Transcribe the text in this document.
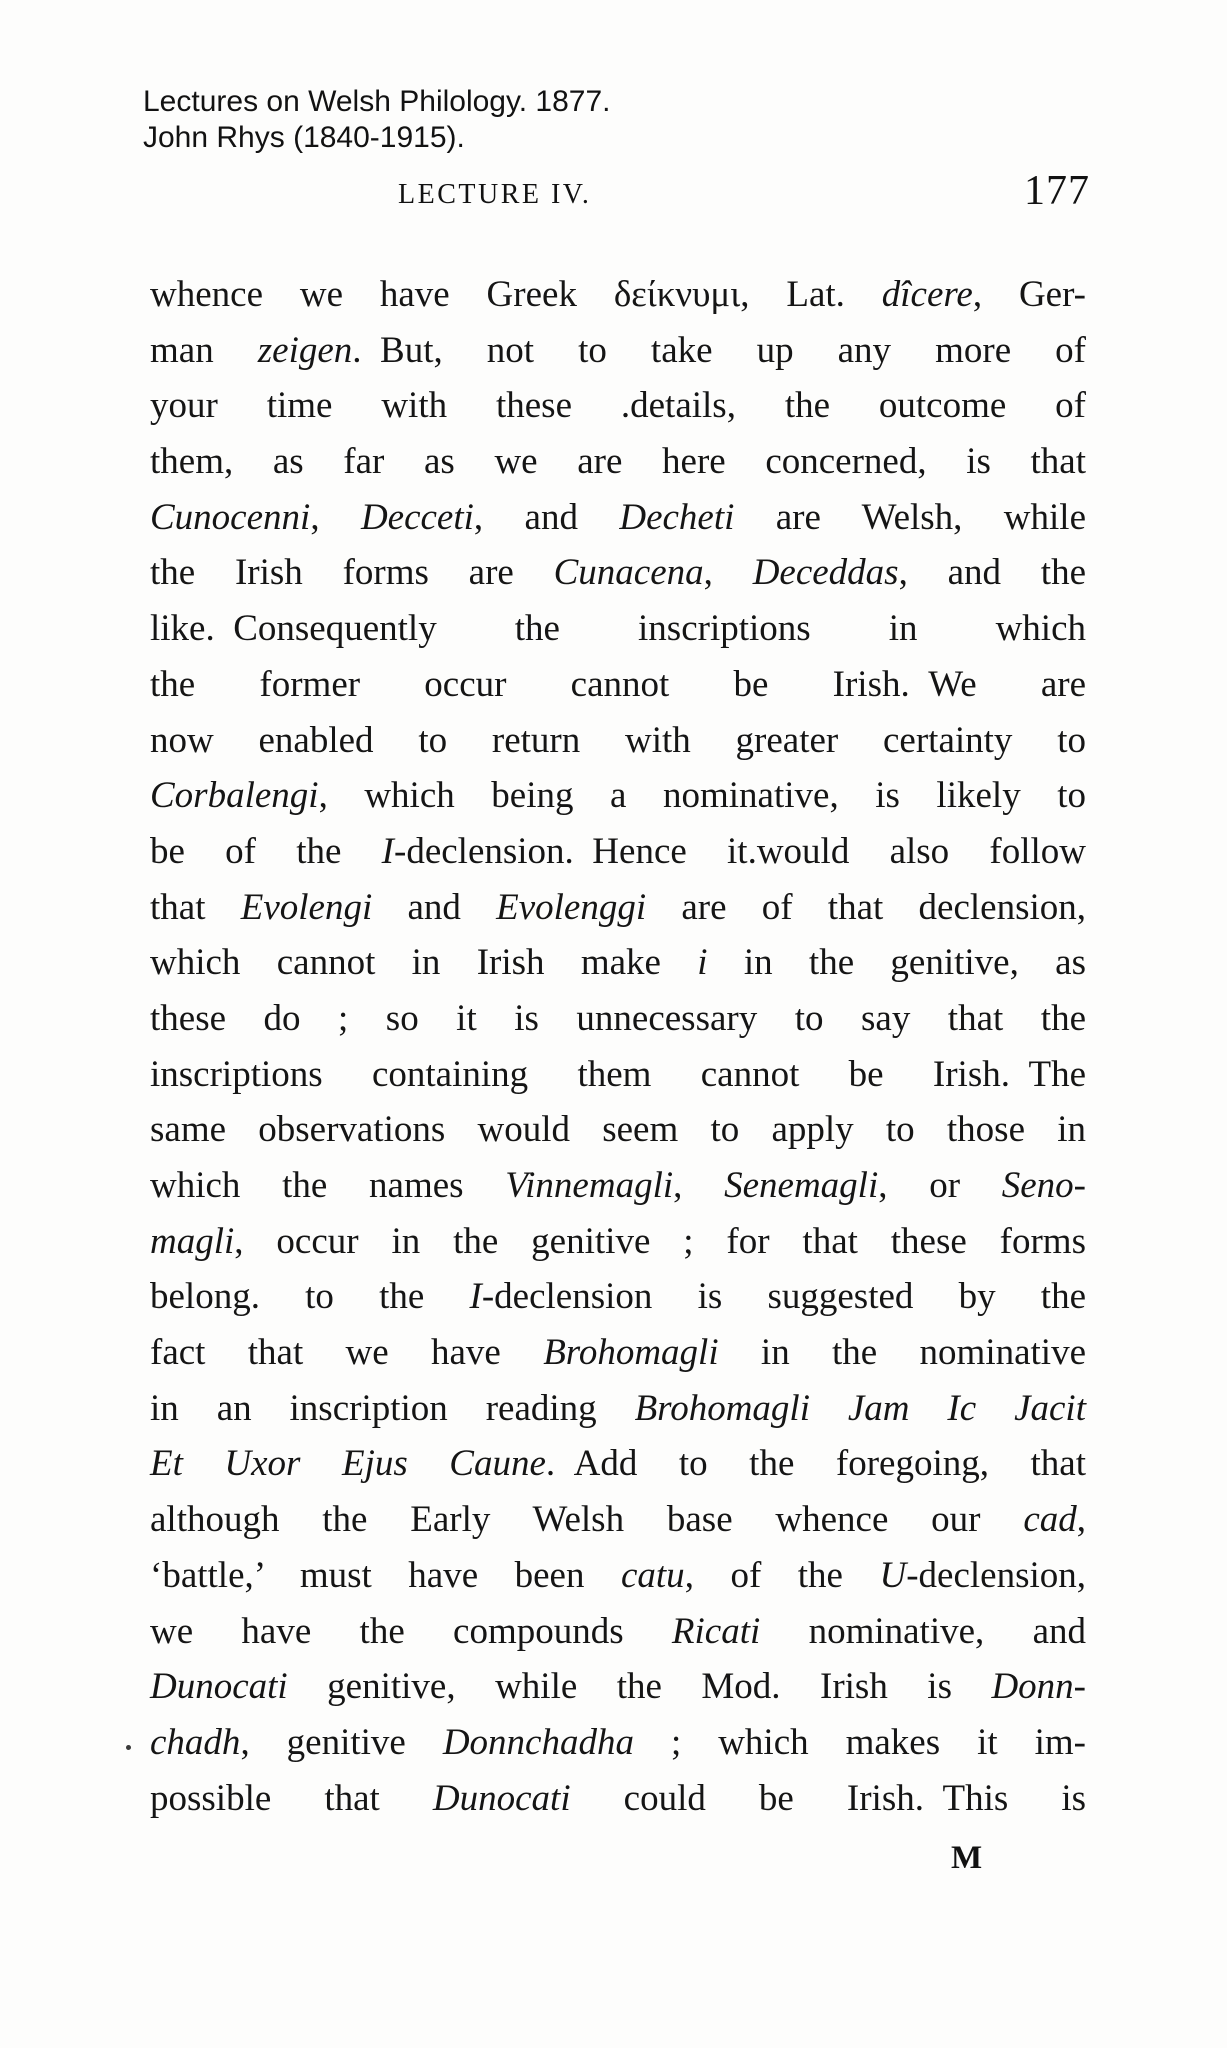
Lectures on Welsh Philology. 1877.
John Rhys (1840-1915).
LECTURE IV.	177
whence we have Greek δείκνυμι, Lat. dîcere, Ger-
man zeigen. But, not to take up any more of
your time with these .details, the outcome of
them, as far as we are here concerned, is that
Cunocenni, Decceti, and Decheti are Welsh, while
the Irish forms are Cunacena, Deceddas, and the
like. Consequently the inscriptions in which
the former occur cannot be Irish. We are
now enabled to return with greater certainty to
Corbalengi, which being a nominative, is likely to
be of the I-declension. Hence it.would also follow
that Evolengi and Evolenggi are of that declension,
which cannot in Irish make i in the genitive, as
these do ; so it is unnecessary to say that the
inscriptions containing them cannot be Irish. The
same observations would seem to apply to those in
which the names Vinnemagli, Senemagli, or Seno-
magli, occur in the genitive ; for that these forms
belong. to the I-declension is suggested by the
fact that we have Brohomagli in the nominative
in an inscription reading Brohomagli Jam Ic Jacit
Et Uxor Ejus Caune. Add to the foregoing, that
although the Early Welsh base whence our cad,
‘battle,’ must have been catu, of the U-declension,
we have the compounds Ricati nominative, and
Dunocati genitive, while the Mod. Irish is Donn-
chadh, genitive Donnchadha ; which makes it im-
possible that Dunocati could be Irish. This is
M
